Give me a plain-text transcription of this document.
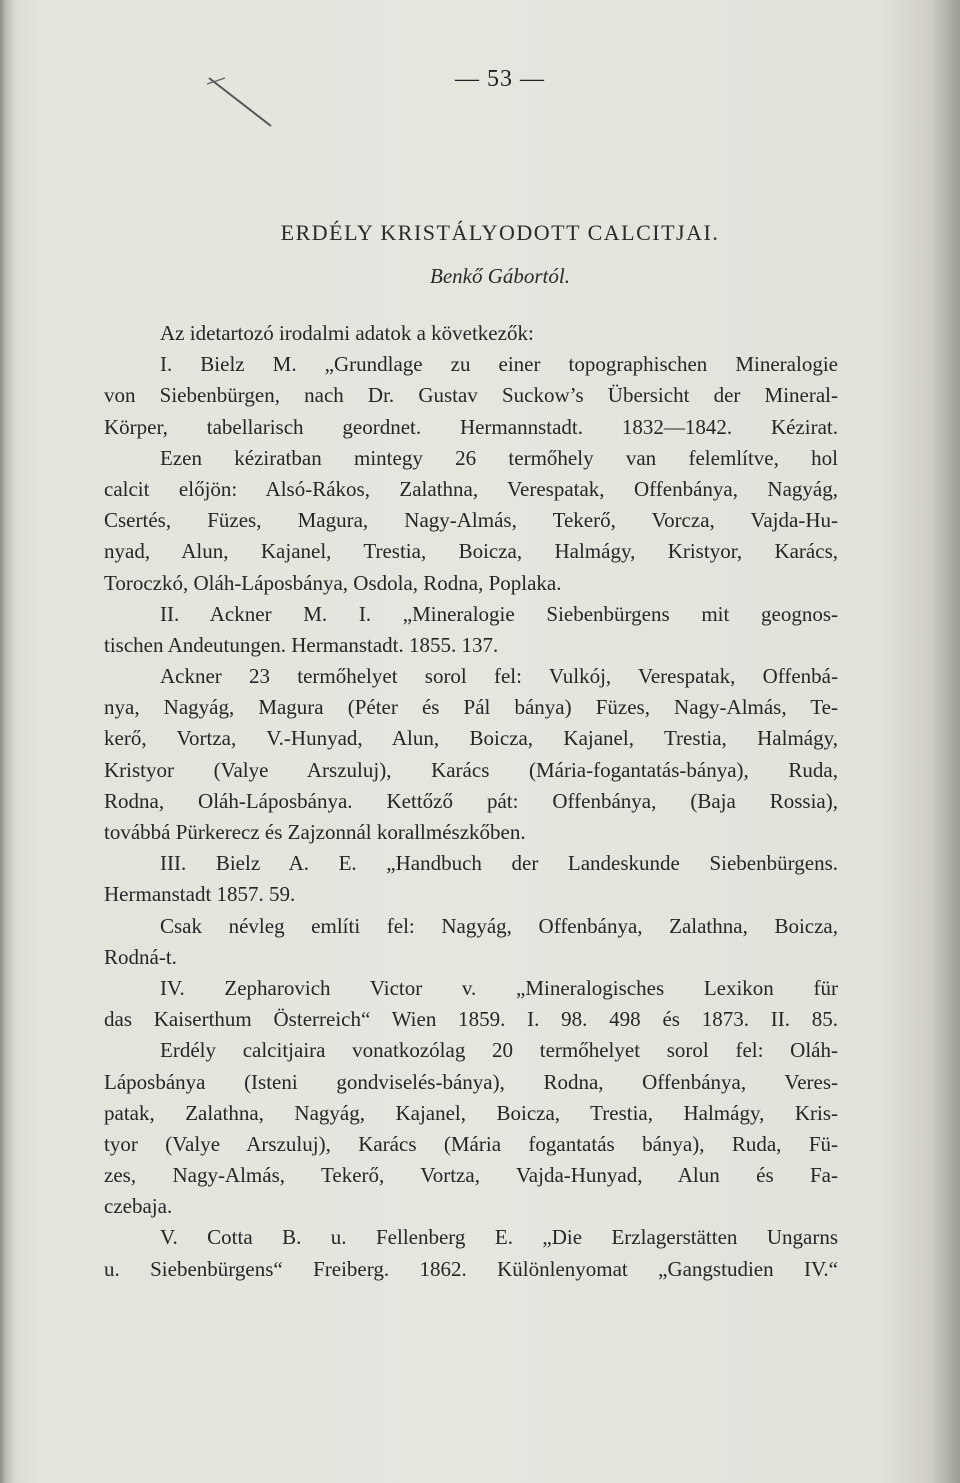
— 53 —
ERDÉLY KRISTÁLYODOTT CALCITJAI.
Benkő Gábortól.
Az idetartozó irodalmi adatok a következők:
I. Bielz M. „Grundlage zu einer topographischen Mineralogie
von Siebenbürgen, nach Dr. Gustav Suckow’s Übersicht der Mineral-
Körper, tabellarisch geordnet. Hermannstadt. 1832—1842. Kézirat.
Ezen kéziratban mintegy 26 termőhely van felemlítve, hol
calcit előjön: Alsó-Rákos, Zalathna, Verespatak, Offenbánya, Nagyág,
Csertés, Füzes, Magura, Nagy-Almás, Tekerő, Vorcza, Vajda-Hu-
nyad, Alun, Kajanel, Trestia, Boicza, Halmágy, Kristyor, Karács,
Toroczkó, Oláh-Láposbánya, Osdola, Rodna, Poplaka.
II. Ackner M. I. „Mineralogie Siebenbürgens mit geognos-
tischen Andeutungen. Hermanstadt. 1855. 137.
Ackner 23 termőhelyet sorol fel: Vulkój, Verespatak, Offenbá-
nya, Nagyág, Magura (Péter és Pál bánya) Füzes, Nagy-Almás, Te-
kerő, Vortza, V.-Hunyad, Alun, Boicza, Kajanel, Trestia, Halmágy,
Kristyor (Valye Arszuluj), Karács (Mária-fogantatás-bánya), Ruda,
Rodna, Oláh-Láposbánya. Kettőző pát: Offenbánya, (Baja Rossia),
továbbá Pürkerecz és Zajzonnál korallmészkőben.
III. Bielz A. E. „Handbuch der Landeskunde Siebenbürgens.
Hermanstadt 1857. 59.
Csak névleg említi fel: Nagyág, Offenbánya, Zalathna, Boicza,
Rodná-t.
IV. Zepharovich Victor v. „Mineralogisches Lexikon für
das Kaiserthum Österreich“ Wien 1859. I. 98. 498 és 1873. II. 85.
Erdély calcitjaira vonatkozólag 20 termőhelyet sorol fel: Oláh-
Láposbánya (Isteni gondviselés-bánya), Rodna, Offenbánya, Veres-
patak, Zalathna, Nagyág, Kajanel, Boicza, Trestia, Halmágy, Kris-
tyor (Valye Arszuluj), Karács (Mária fogantatás bánya), Ruda, Fü-
zes, Nagy-Almás, Tekerő, Vortza, Vajda-Hunyad, Alun és Fa-
czebaja.
V. Cotta B. u. Fellenberg E. „Die Erzlagerstätten Ungarns
u. Siebenbürgens“ Freiberg. 1862. Különlenyomat „Gangstudien IV.“
